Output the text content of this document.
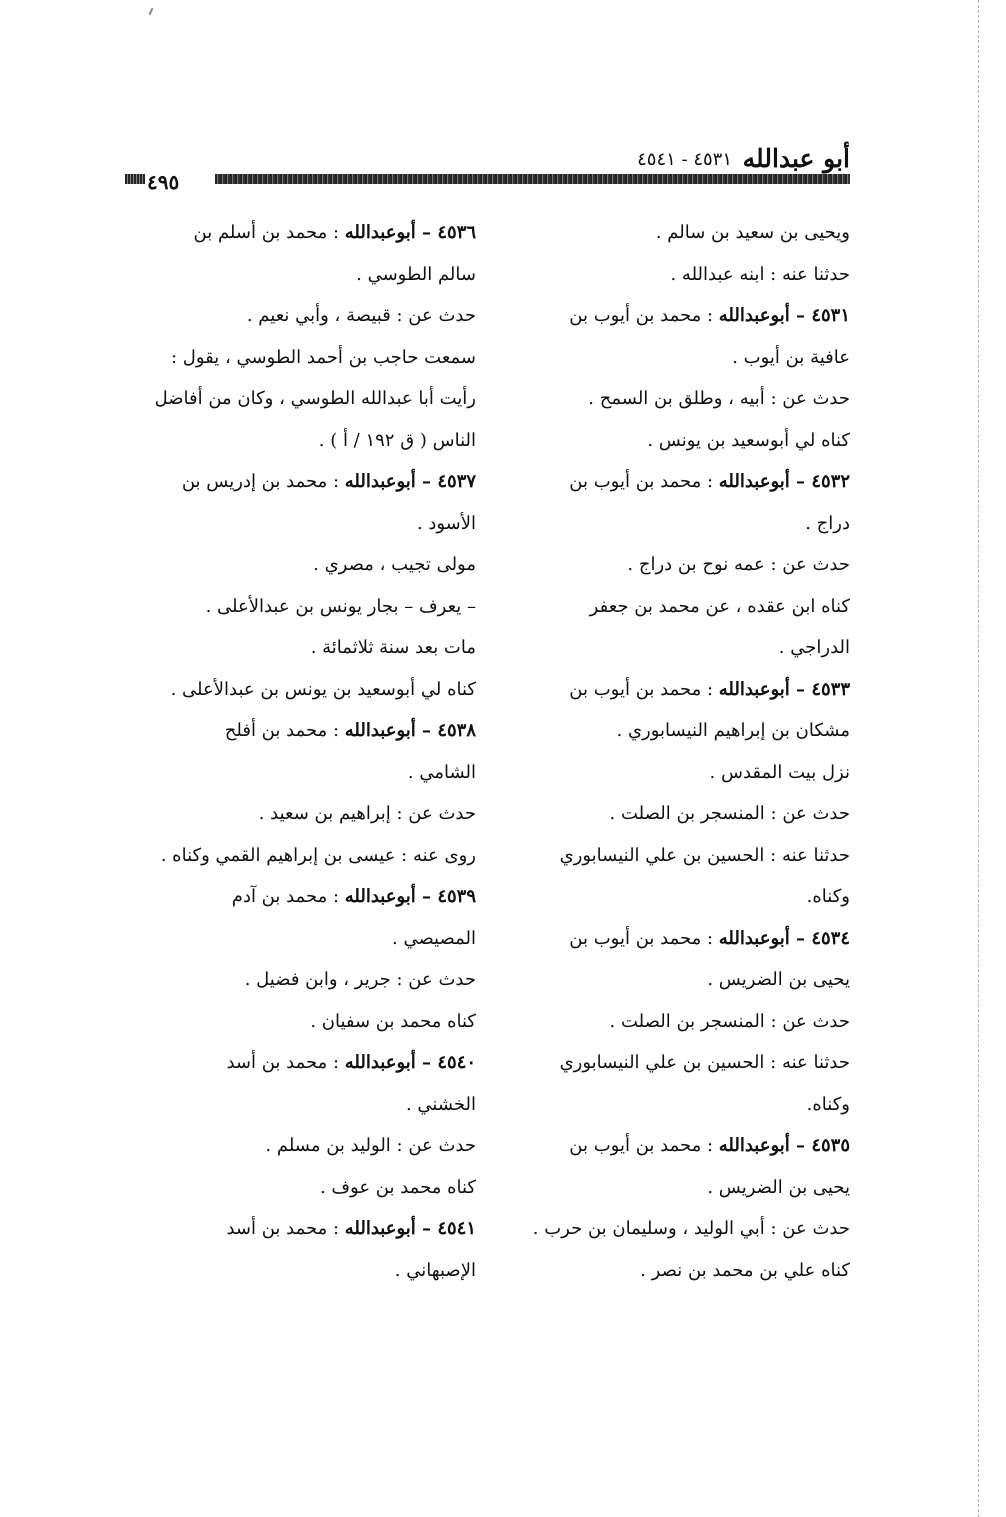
أبو عبدالله
٤٥٣١ - ٤٥٤١
٤٩٥
ويحيى بن سعيد بن سالم .
حدثنا عنه : ابنه عبدالله .
٤٥٣١ – أبوعبدالله : محمد بن أيوب بن
عافية بن أيوب .
حدث عن : أبيه ، وطلق بن السمح .
كناه لي أبوسعيد بن يونس .
٤٥٣٢ – أبوعبدالله : محمد بن أيوب بن
دراج .
حدث عن : عمه نوح بن دراج .
كناه ابن عقده ، عن محمد بن جعفر
الدراجي .
٤٥٣٣ – أبوعبدالله : محمد بن أيوب بن
مشكان بن إبراهيم النيسابوري .
نزل بيت المقدس .
حدث عن : المنسجر بن الصلت .
حدثنا عنه : الحسين بن علي النيسابوري
وكناه.
٤٥٣٤ – أبوعبدالله : محمد بن أيوب بن
يحيى بن الضريس .
حدث عن : المنسجر بن الصلت .
حدثنا عنه : الحسين بن علي النيسابوري
وكناه.
٤٥٣٥ – أبوعبدالله : محمد بن أيوب بن
يحيى بن الضريس .
حدث عن : أبي الوليد ، وسليمان بن حرب .
كناه علي بن محمد بن نصر .
٤٥٣٦ – أبوعبدالله : محمد بن أسلم بن
سالم الطوسي .
حدث عن : قبيصة ، وأبي نعيم .
سمعت حاجب بن أحمد الطوسي ، يقول :
رأيت أبا عبدالله الطوسي ، وكان من أفاضل
الناس ( ق ١٩٢ / أ ) .
٤٥٣٧ – أبوعبدالله : محمد بن إدريس بن
الأسود .
مولى تجيب ، مصري .
– يعرف – بجار يونس بن عبدالأعلى .
مات بعد سنة ثلاثمائة .
كناه لي أبوسعيد بن يونس بن عبدالأعلى .
٤٥٣٨ – أبوعبدالله : محمد بن أفلح
الشامي .
حدث عن : إبراهيم بن سعيد .
روى عنه : عيسى بن إبراهيم القمي وكناه .
٤٥٣٩ – أبوعبدالله : محمد بن آدم
المصيصي .
حدث عن : جرير ، وابن فضيل .
كناه محمد بن سفيان .
٤٥٤٠ – أبوعبدالله : محمد بن أسد
الخشني .
حدث عن : الوليد بن مسلم .
كناه محمد بن عوف .
٤٥٤١ – أبوعبدالله : محمد بن أسد
الإصبهاني .
